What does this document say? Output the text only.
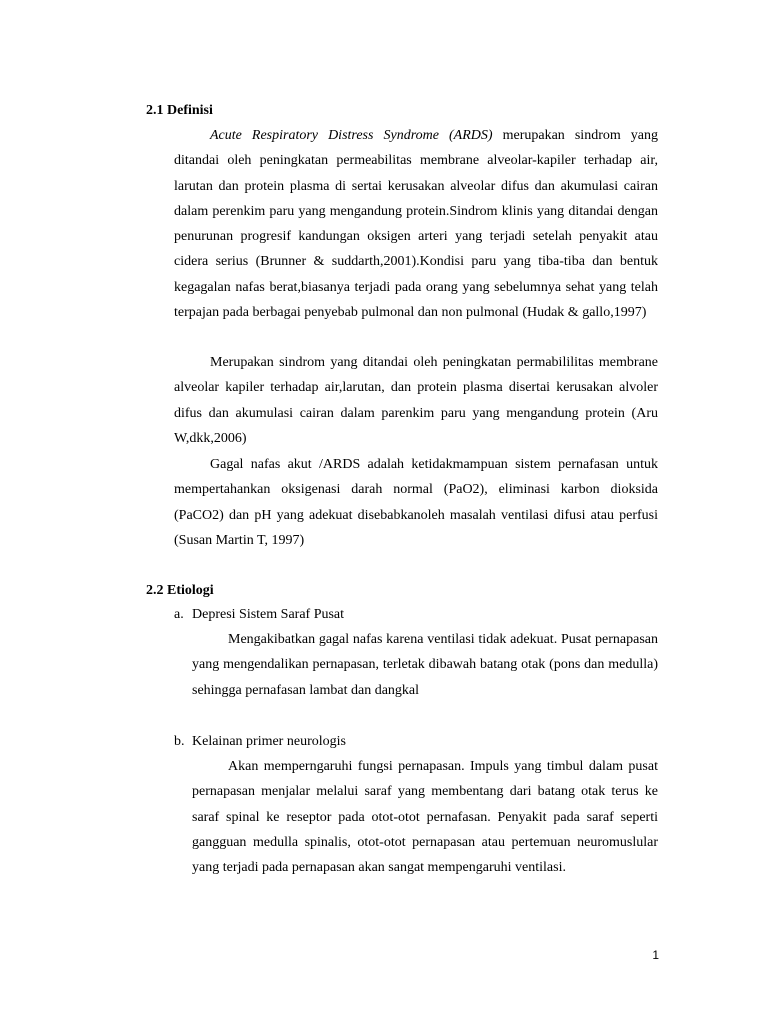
2.1 Definisi

Acute Respiratory Distress Syndrome (ARDS) merupakan sindrom yang ditandai oleh peningkatan permeabilitas membrane alveolar-kapiler terhadap air, larutan dan protein plasma di sertai kerusakan alveolar difus dan akumulasi cairan dalam perenkim paru yang mengandung protein.Sindrom klinis yang ditandai dengan penurunan progresif kandungan oksigen arteri yang terjadi setelah penyakit atau cidera serius (Brunner & suddarth,2001).Kondisi paru yang tiba-tiba dan bentuk kegagalan nafas berat,biasanya terjadi pada orang yang sebelumnya sehat yang telah terpajan pada berbagai penyebab pulmonal dan non pulmonal (Hudak & gallo,1997)

Merupakan sindrom yang ditandai oleh peningkatan permabililitas membrane alveolar kapiler terhadap air,larutan, dan protein plasma disertai kerusakan alvoler difus dan akumulasi cairan dalam parenkim paru yang mengandung protein (Aru W,dkk,2006)

Gagal nafas akut /ARDS adalah ketidakmampuan sistem pernafasan untuk mempertahankan oksigenasi darah normal (PaO2), eliminasi karbon dioksida (PaCO2) dan pH yang adekuat disebabkanoleh masalah ventilasi difusi atau perfusi (Susan Martin T, 1997)

2.2 Etiologi
a. Depresi Sistem Saraf Pusat

Mengakibatkan gagal nafas karena ventilasi tidak adekuat. Pusat pernapasan yang mengendalikan pernapasan, terletak dibawah batang otak (pons dan medulla) sehingga pernafasan lambat dan dangkal

b. Kelainan primer neurologis

Akan memperngaruhi fungsi pernapasan. Impuls yang timbul dalam pusat pernapasan menjalar melalui saraf yang membentang dari batang otak terus ke saraf spinal ke reseptor pada otot-otot pernafasan. Penyakit pada saraf seperti gangguan medulla spinalis, otot-otot pernapasan atau pertemuan neuromuslular yang terjadi pada pernapasan akan sangat mempengaruhi ventilasi.

1
